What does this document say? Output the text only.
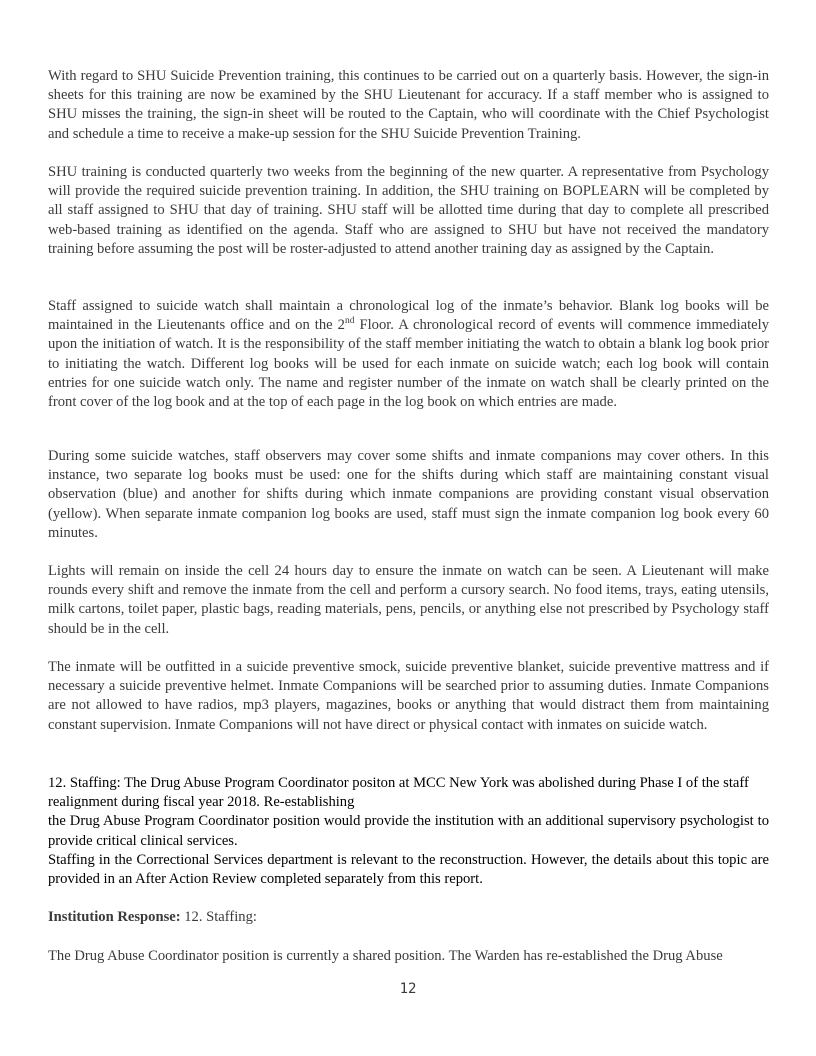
With regard to SHU Suicide Prevention training, this continues to be carried out on a quarterly basis. However, the sign-in sheets for this training are now be examined by the SHU Lieutenant for accuracy. If a staff member who is assigned to SHU misses the training, the sign-in sheet will be routed to the Captain, who will coordinate with the Chief Psychologist and schedule a time to receive a make-up session for the SHU Suicide Prevention Training.

SHU training is conducted quarterly two weeks from the beginning of the new quarter. A representative from Psychology will provide the required suicide prevention training. In addition, the SHU training on BOPLEARN will be completed by all staff assigned to SHU that day of training. SHU staff will be allotted time during that day to complete all prescribed web-based training as identified on the agenda. Staff who are assigned to SHU but have not received the mandatory training before assuming the post will be roster-adjusted to attend another training day as assigned by the Captain.

Staff assigned to suicide watch shall maintain a chronological log of the inmate’s behavior. Blank log books will be maintained in the Lieutenants office and on the 2nd Floor. A chronological record of events will commence immediately upon the initiation of watch. It is the responsibility of the staff member initiating the watch to obtain a blank log book prior to initiating the watch. Different log books will be used for each inmate on suicide watch; each log book will contain entries for one suicide watch only. The name and register number of the inmate on watch shall be clearly printed on the front cover of the log book and at the top of each page in the log book on which entries are made.

During some suicide watches, staff observers may cover some shifts and inmate companions may cover others. In this instance, two separate log books must be used: one for the shifts during which staff are maintaining constant visual observation (blue) and another for shifts during which inmate companions are providing constant visual observation (yellow). When separate inmate companion log books are used, staff must sign the inmate companion log book every 60 minutes.

Lights will remain on inside the cell 24 hours day to ensure the inmate on watch can be seen. A Lieutenant will make rounds every shift and remove the inmate from the cell and perform a cursory search. No food items, trays, eating utensils, milk cartons, toilet paper, plastic bags, reading materials, pens, pencils, or anything else not prescribed by Psychology staff should be in the cell.

The inmate will be outfitted in a suicide preventive smock, suicide preventive blanket, suicide preventive mattress and if necessary a suicide preventive helmet. Inmate Companions will be searched prior to assuming duties. Inmate Companions are not allowed to have radios, mp3 players, magazines, books or anything that would distract them from maintaining constant supervision. Inmate Companions will not have direct or physical contact with inmates on suicide watch.

12. Staffing: The Drug Abuse Program Coordinator positon at MCC New York was abolished during Phase I of the staff realignment during fiscal year 2018. Re-establishing
the Drug Abuse Program Coordinator position would provide the institution with an additional supervisory psychologist to provide critical clinical services.

Staffing in the Correctional Services department is relevant to the reconstruction. However, the details about this topic are provided in an After Action Review completed separately from this report.

Institution Response: 12. Staffing:

The Drug Abuse Coordinator position is currently a shared position. The Warden has re-established the Drug Abuse

12
